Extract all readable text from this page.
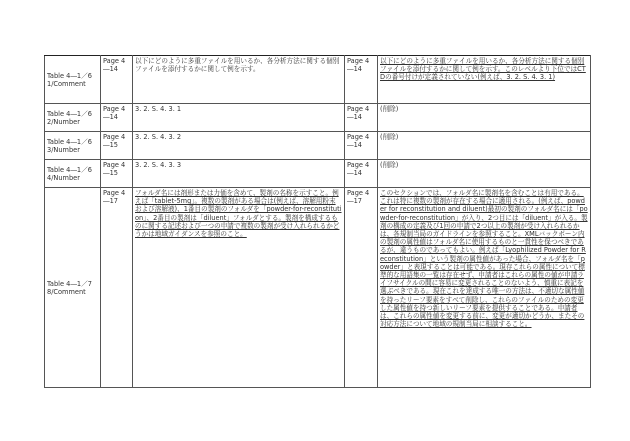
Table 4―1／61/Comment	Page 4―14	以下にどのように多重ファイルを用いるか、各分析方法に関する個別ファイルを添付するかに関して例を示す。	Page 4―14	以下にどのように多重ファイルを用いるか、各分析方法に関する個別ファイルを添付するかに関して例を示す。このレベルより下位ではCTDの番号付けが定義されていない(例えば、3. 2. S. 4. 3. 1)
Table 4―1／62/Number	Page 4―14	3. 2. S. 4. 3. 1	Page 4―14	(削除)
Table 4―1／63/Number	Page 4―15	3. 2. S. 4. 3. 2	Page 4―14	(削除)
Table 4―1／64/Number	Page 4―15	3. 2. S. 4. 3. 3	Page 4―14	(削除)
Table 4―1／78/Comment	Page 4―17	フォルダ名には剤形または力価を含めて、製剤の名称を示すこと。例えば「tablet-5mg」。複数の製剤がある場合は(例えば、溶解用粉末および溶解液)、1番目の製剤のフォルダを「powder-for-reconstitution」、2番目の製剤は「diluent」フォルダとする。製剤を構成するものに関する記述および一つの申請で複数の製剤が受け入れられるかどうかは地域ガイダンスを参照のこと。	Page 4―17	このセクションでは、フォルダ名に製剤名を含むことは有用である。これは特に複数の製剤が存在する場合に適用される。(例えば、powder for reconstitution and diluent)最初の製剤のフォルダ名には「powder-for-reconstitution」が入り、2つ目には「diluent」が入る。製剤の構成の定義及び1回の申請で2つ以上の製剤が受け入れられるかは、各規制当局のガイドラインを参照すること。XMLバックボーン内の製剤の属性値はフォルダ名に使用するものと一貫性を保つべきであるが、違うものであってもよい。例えば「Lyophilized Powder for Reconstitution」という製剤の属性値があった場合、フォルダ名を「powder」と表現することは可能である。現存これらの属性について標準的な用語集の一覧は存在せず、申請者はこれらの属性の値が申請ライフサイクルの間に容易に変更されることのないよう、慎重に表記を選ぶべきである。現在これを達成する唯一の方法は、不適切な属性値を持ったリーフ要素をすべて削除し、これらのファイルのための変更した属性値を持つ新しいリーフ要素を提供することである。申請者は、これらの属性値を変更する前に、変更が適切かどうか、またその対応方法について地域の規制当局に相談すること。
